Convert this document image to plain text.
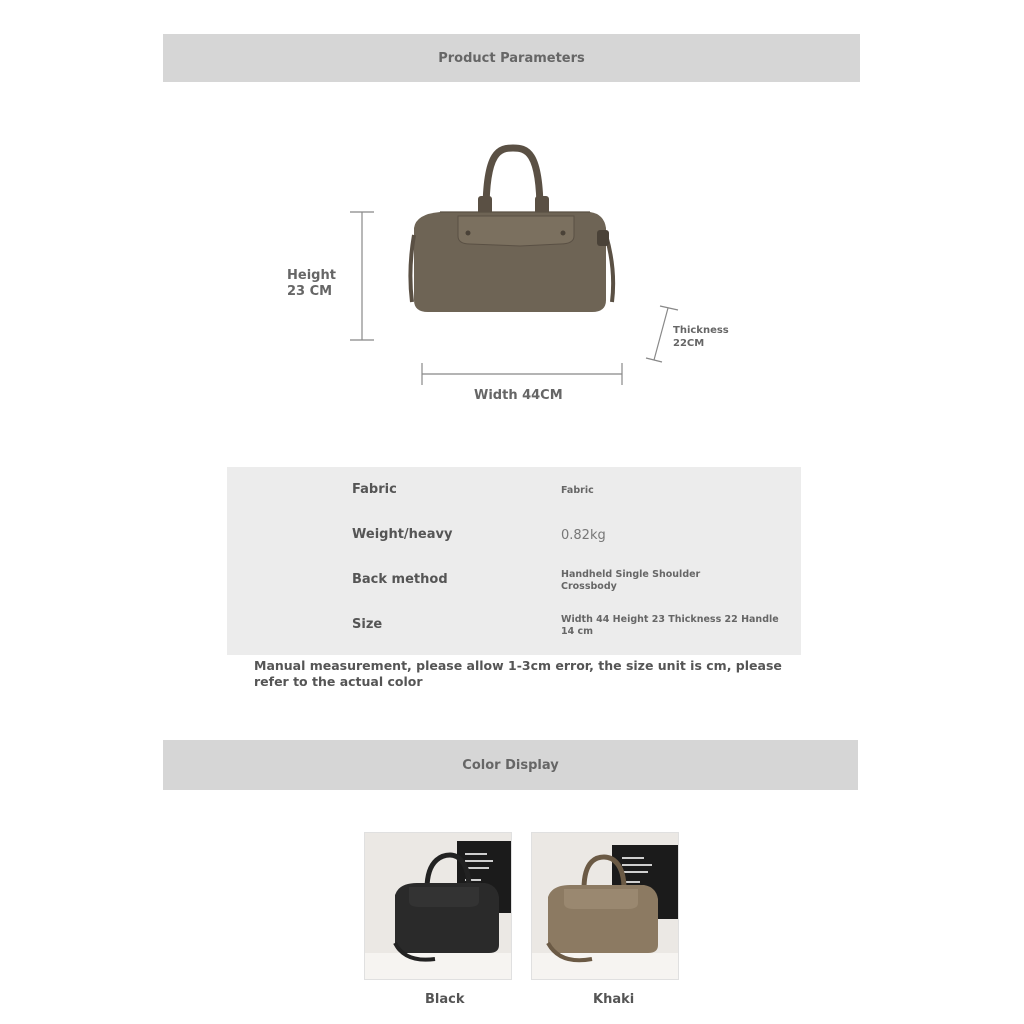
Product Parameters
Height 23 CM
Width 44CM
Thickness 22CM
Fabric	Fabric
Weight/heavy	0.82kg
Back method	Handheld Single Shoulder Crossbody
Size	Width 44 Height 23 Thickness 22 Handle 14 cm
Manual measurement, please allow 1-3cm error, the size unit is cm, please refer to the actual color
Color Display
Black	Khaki
